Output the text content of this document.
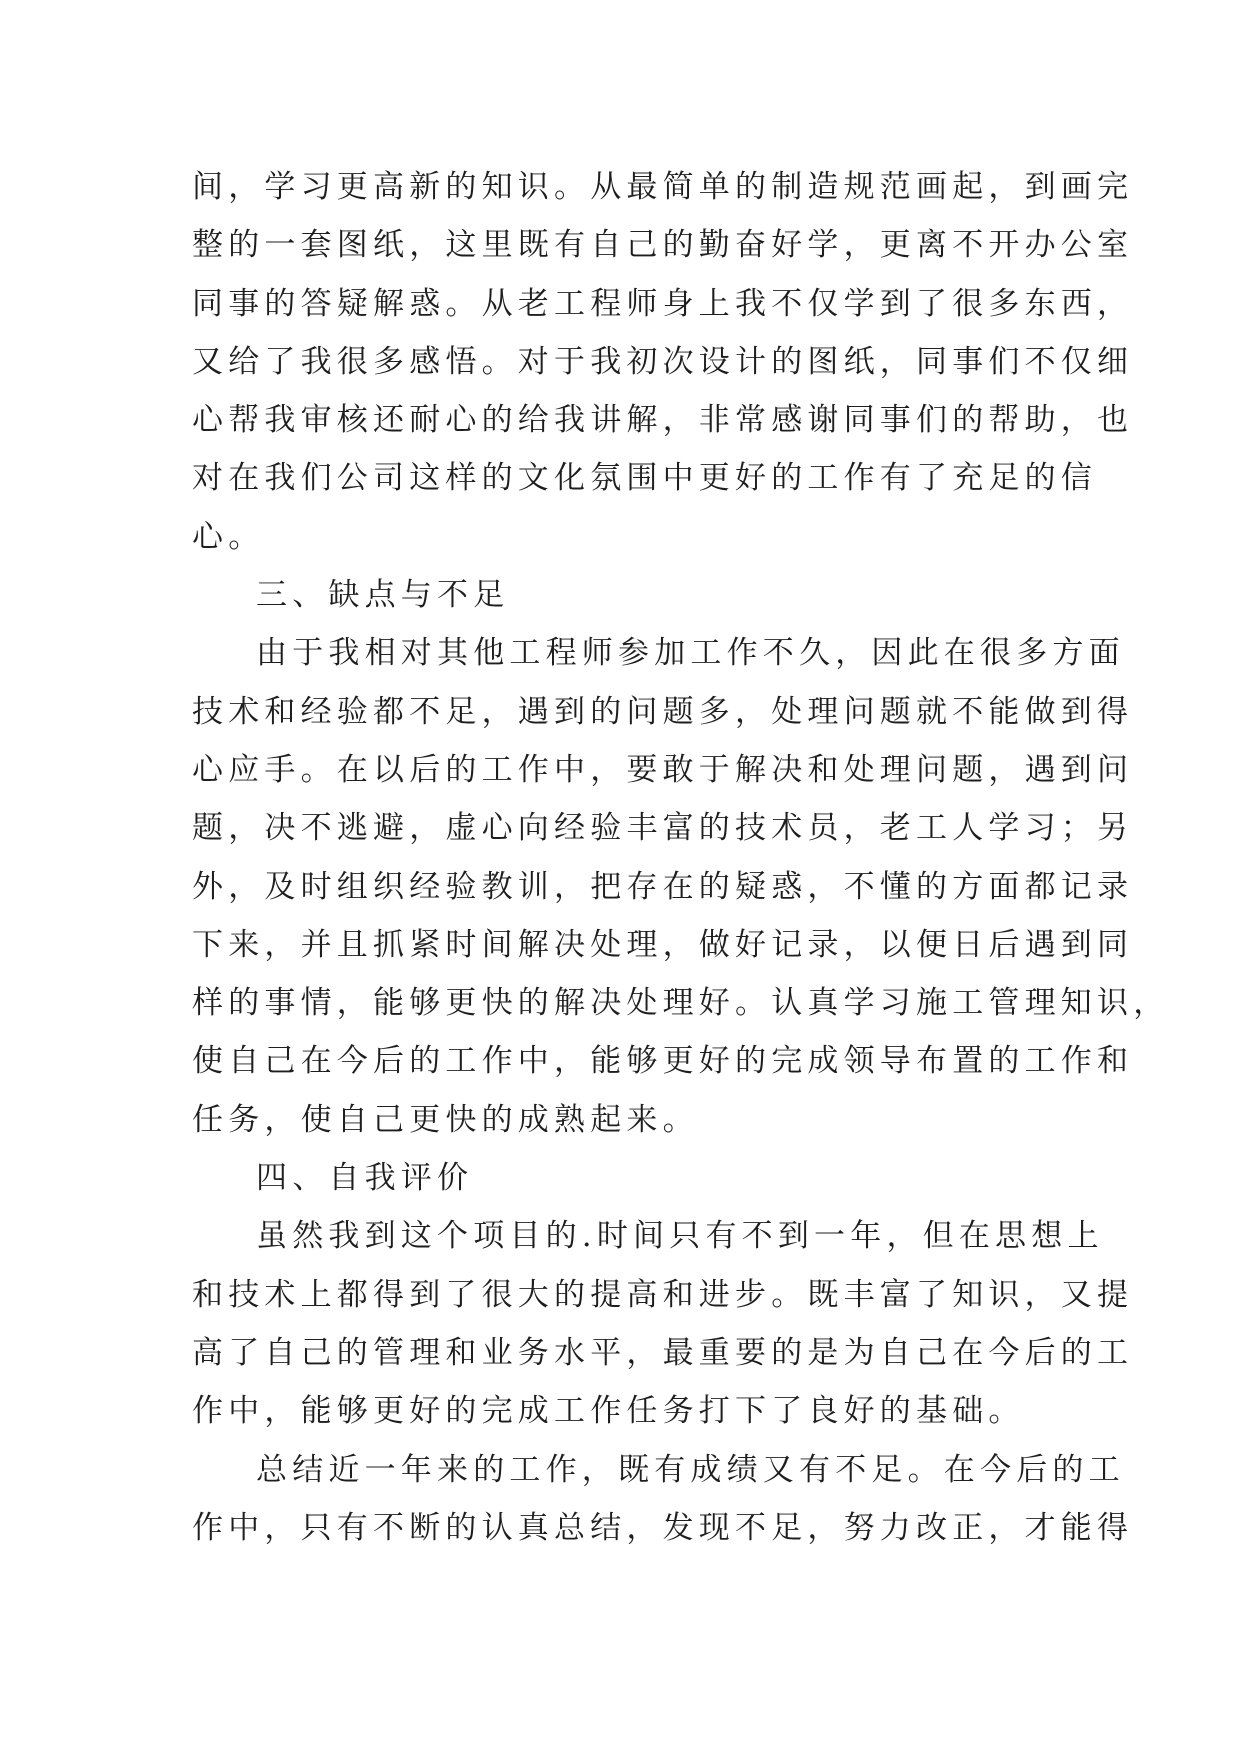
间，学习更高新的知识。从最简单的制造规范画起，到画完
整的一套图纸，这里既有自己的勤奋好学，更离不开办公室
同事的答疑解惑。从老工程师身上我不仅学到了很多东西，
又给了我很多感悟。对于我初次设计的图纸，同事们不仅细
心帮我审核还耐心的给我讲解，非常感谢同事们的帮助，也
对在我们公司这样的文化氛围中更好的工作有了充足的信
心。
三、缺点与不足
由于我相对其他工程师参加工作不久，因此在很多方面
技术和经验都不足，遇到的问题多，处理问题就不能做到得
心应手。在以后的工作中，要敢于解决和处理问题，遇到问
题，决不逃避，虚心向经验丰富的技术员，老工人学习；另
外，及时组织经验教训，把存在的疑惑，不懂的方面都记录
下来，并且抓紧时间解决处理，做好记录，以便日后遇到同
样的事情，能够更快的解决处理好。认真学习施工管理知识，
使自己在今后的工作中，能够更好的完成领导布置的工作和
任务，使自己更快的成熟起来。
四、自我评价
虽然我到这个项目的.时间只有不到一年，但在思想上
和技术上都得到了很大的提高和进步。既丰富了知识，又提
高了自己的管理和业务水平，最重要的是为自己在今后的工
作中，能够更好的完成工作任务打下了良好的基础。
总结近一年来的工作，既有成绩又有不足。在今后的工
作中，只有不断的认真总结，发现不足，努力改正，才能得
